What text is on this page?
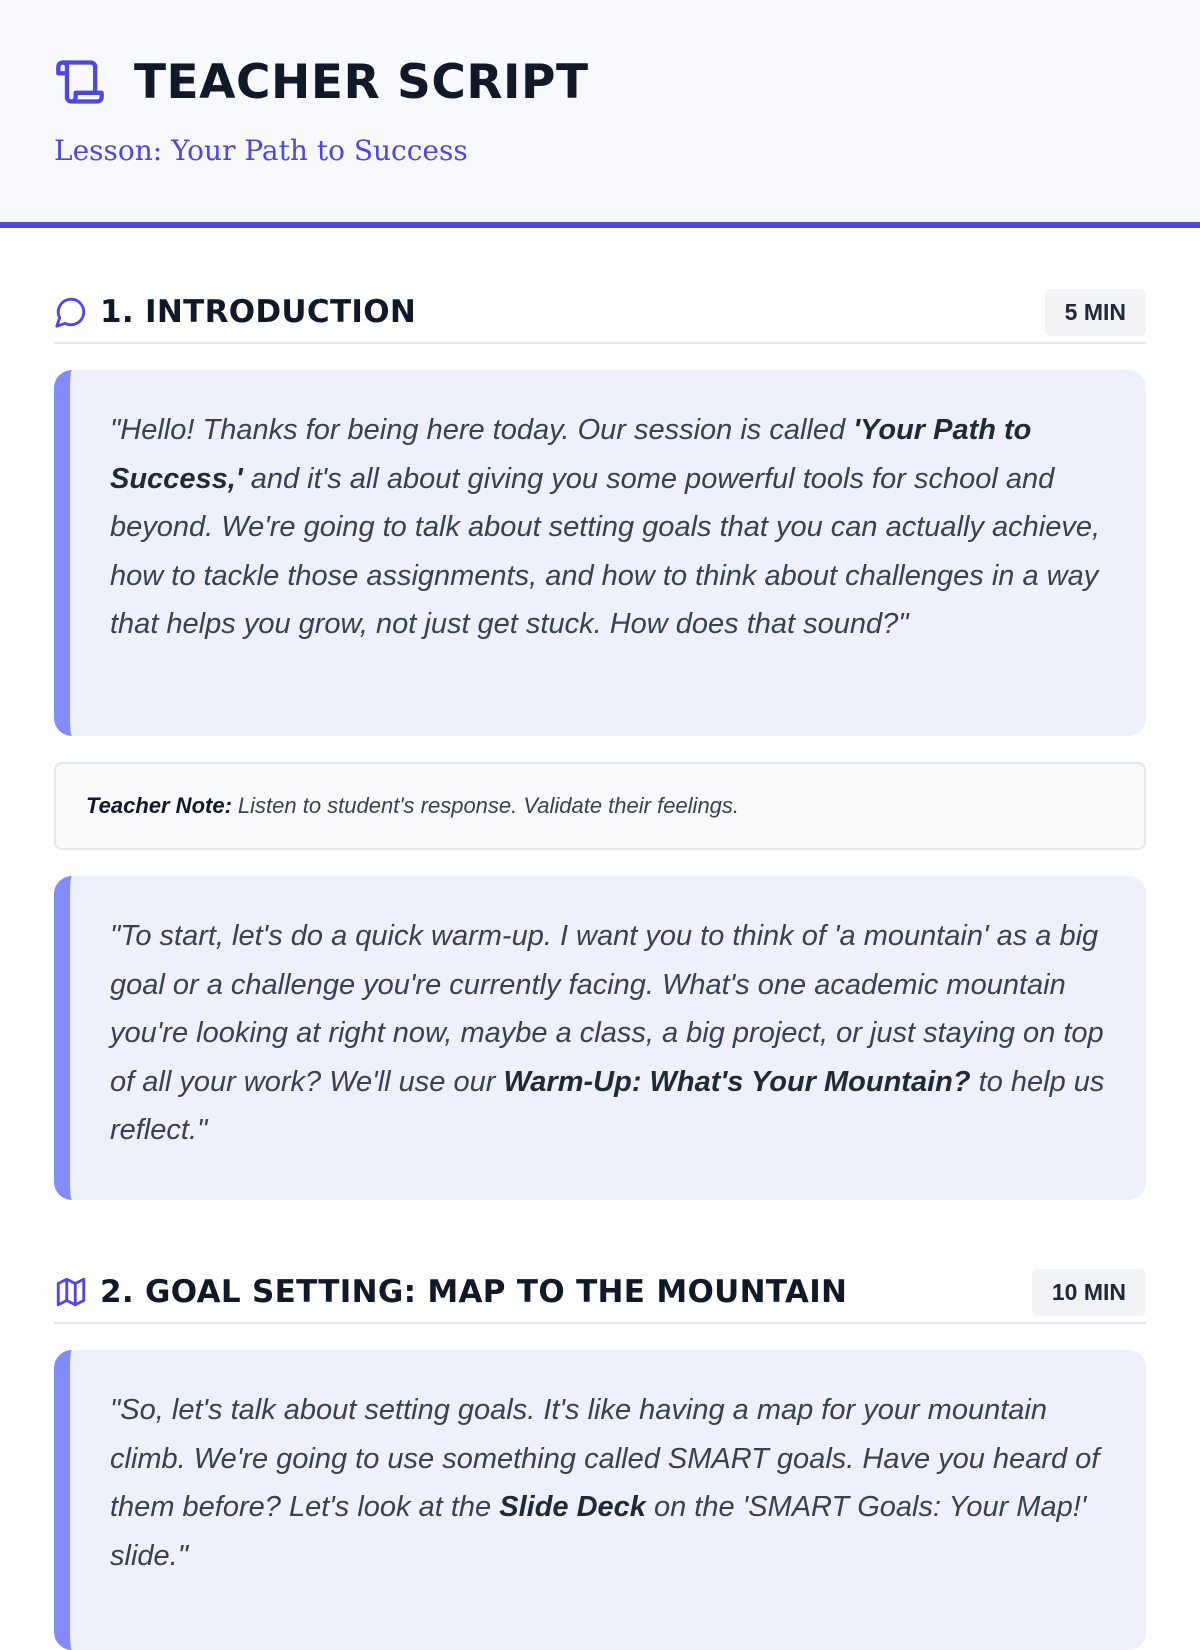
TEACHER SCRIPT
Lesson: Your Path to Success
1. INTRODUCTION	5 MIN
"Hello! Thanks for being here today. Our session is called 'Your Path to Success,' and it's all about giving you some powerful tools for school and beyond. We're going to talk about setting goals that you can actually achieve, how to tackle those assignments, and how to think about challenges in a way that helps you grow, not just get stuck. How does that sound?"
Teacher Note: Listen to student's response. Validate their feelings.
"To start, let's do a quick warm-up. I want you to think of 'a mountain' as a big goal or a challenge you're currently facing. What's one academic mountain you're looking at right now, maybe a class, a big project, or just staying on top of all your work? We'll use our Warm-Up: What's Your Mountain? to help us reflect."
2. GOAL SETTING: MAP TO THE MOUNTAIN	10 MIN
"So, let's talk about setting goals. It's like having a map for your mountain climb. We're going to use something called SMART goals. Have you heard of them before? Let's look at the Slide Deck on the 'SMART Goals: Your Map!' slide."
